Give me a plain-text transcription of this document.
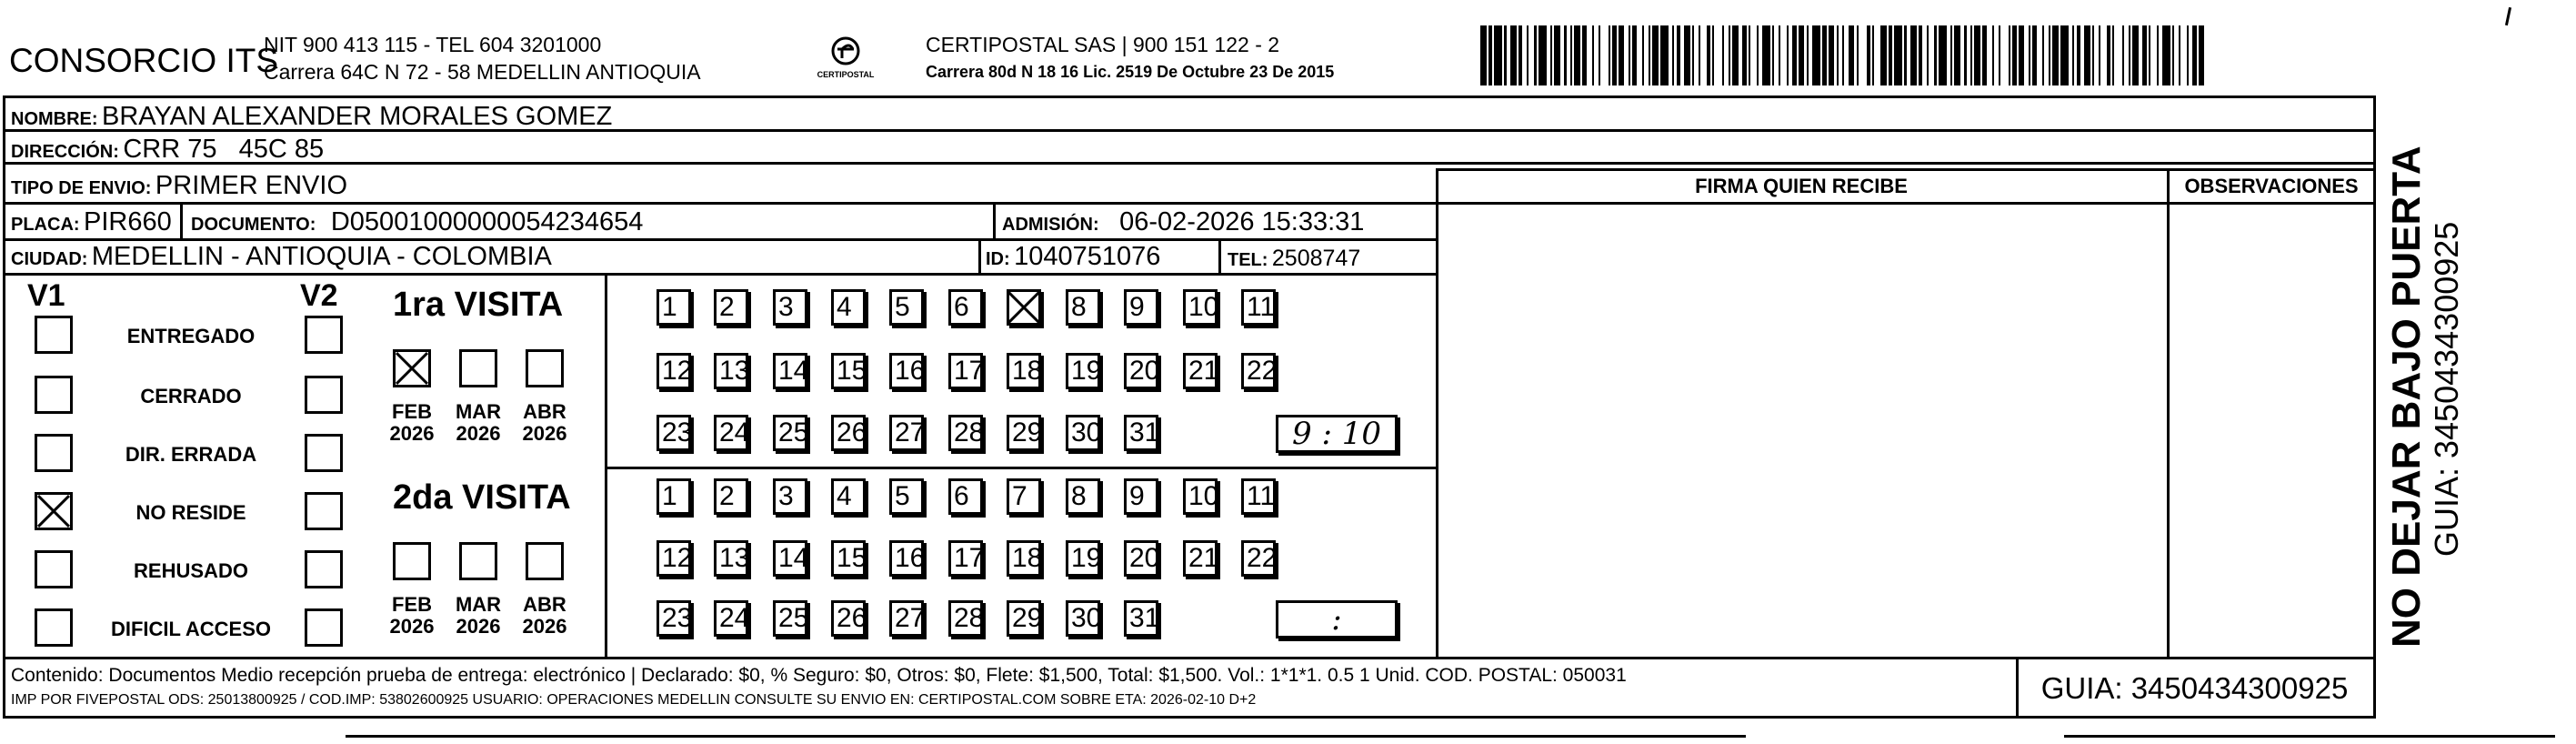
CONSORCIO ITS
NIT 900 413 115 - TEL 604 3201000
Carrera 64C N 72 - 58 MEDELLIN ANTIOQUIA	CERTIPOSTAL
CERTIPOSTAL SAS | 900 151 122 - 2
Carrera 80d N 18 16 Lic. 2519 De Octubre 23 De 2015
NOMBRE: BRAYAN ALEXANDER MORALES GOMEZ
DIRECCIÓN: CRR 75   45C 85
TIPO DE ENVIO: PRIMER ENVIO
PLACA: PIR660 DOCUMENTO: D05001000000054234654	ADMISIÓN: 06-02-2026 15:33:31
CIUDAD: MEDELLIN - ANTIOQUIA - COLOMBIA	ID: 1040751076	TEL: 2508747
FIRMA QUIEN RECIBE	OBSERVACIONES
V1	V2
ENTREGADO
CERRADO
DIR. ERRADA
NO RESIDE
REHUSADO
DIFICIL ACCESO
1ra VISITA
FEB
2026
MAR
2026
ABR
2026
1	2	3	4	5	6	8	9	10 11
12 13 14 15 16 17 18 19 20 21 22
23 24 25 26 27 28 29 30 31	9 : 10
2da VISITA
FEB
2026
MAR
2026
ABR
2026
1	2	3	4	5	6	7	8	9	10 11
12 13 14 15 16 17 18 19 20 21 22
23 24 25 26 27 28 29 30 31	:
Contenido: Documentos Medio recepción prueba de entrega: electrónico | Declarado: $0, % Seguro: $0, Otros: $0, Flete: $1,500, Total: $1,500. Vol.: 1*1*1. 0.5 1 Unid. COD. POSTAL: 050031
IMP POR FIVEPOSTAL ODS: 25013800925 / COD.IMP: 53802600925 USUARIO: OPERACIONES MEDELLIN CONSULTE SU ENVIO EN: CERTIPOSTAL.COM SOBRE ETA: 2026-02-10 D+2	GUIA: 3450434300925
NO DEJAR BAJO PUERTA GUIA: 3450434300925
